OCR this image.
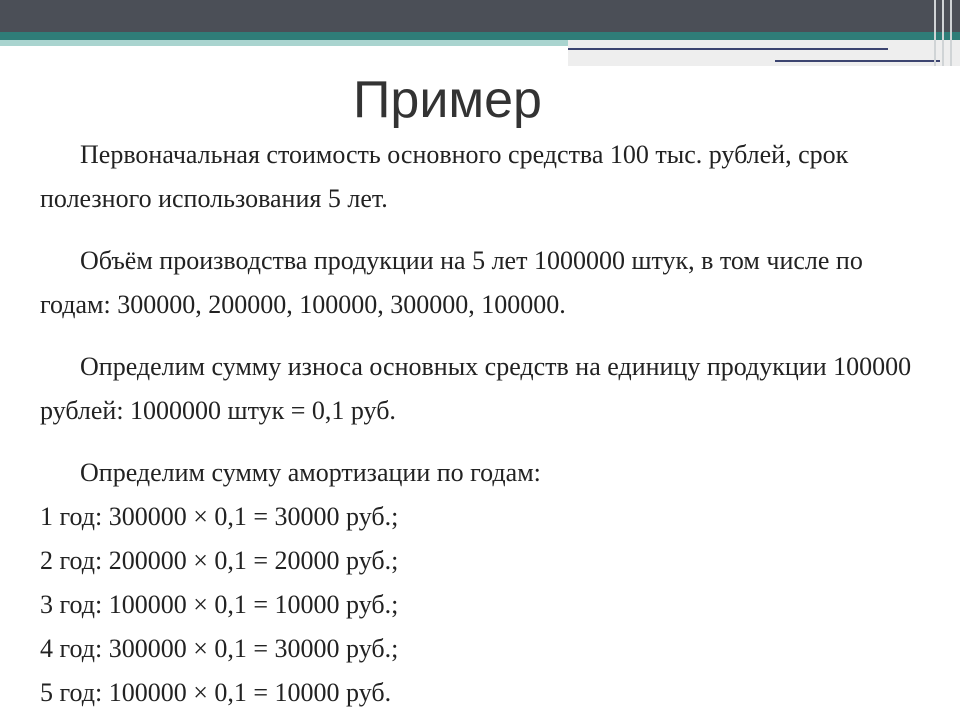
Пример

Первоначальная стоимость основного средства 100 тыс. рублей, срок полезного использования 5 лет.

Объём производства продукции на 5 лет 1000000 штук, в том числе по годам: 300000, 200000, 100000, 300000, 100000.

Определим сумму износа основных средств на единицу продукции 100000 рублей: 1000000 штук = 0,1 руб.

Определим сумму амортизации по годам:

1 год: 300000 × 0,1 = 30000 руб.;

2 год: 200000 × 0,1 = 20000 руб.;

3 год: 100000 × 0,1 = 10000 руб.;

4 год: 300000 × 0,1 = 30000 руб.;

5 год: 100000 × 0,1 = 10000 руб.
